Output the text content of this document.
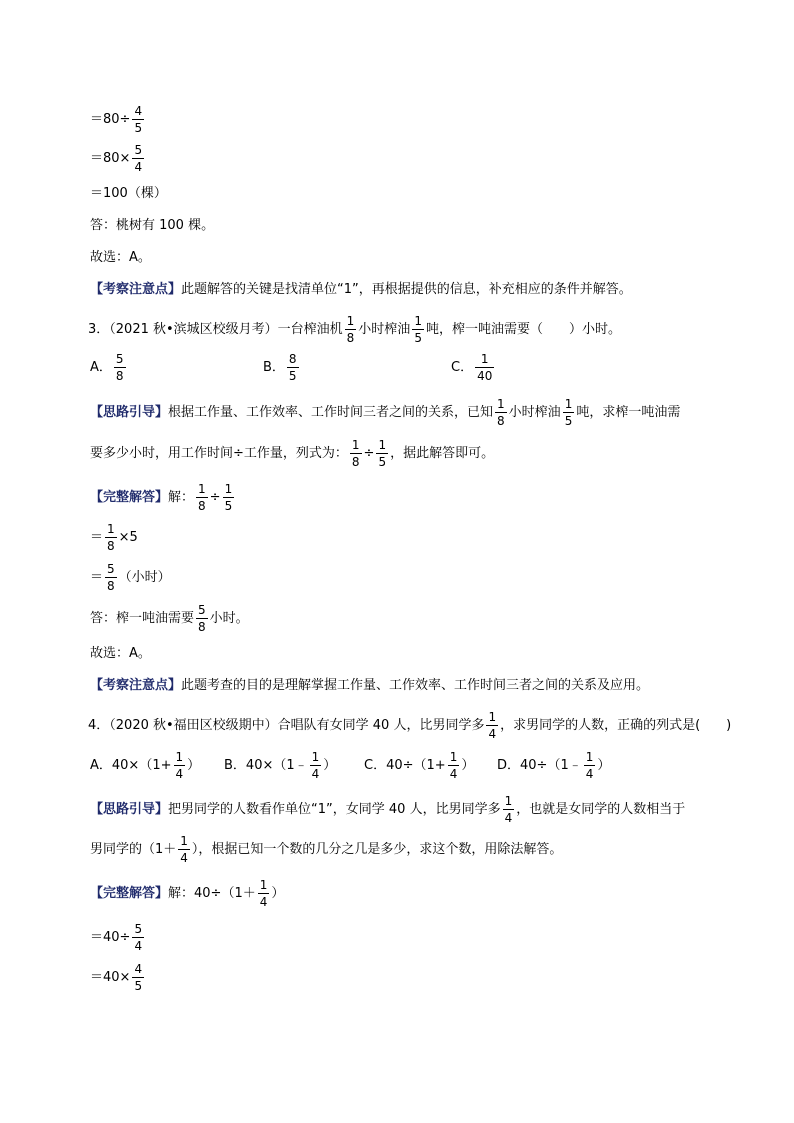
$=80\div \frac{4}{5}$
$=80\times \frac{5}{4}$
＝100（棵）
答：桃树有 100 棵。
故选：A。
【考察注意点】 此题解答的关键是找清单位“1”，再根据提供的信息，补充相应的条件并解答。
3．（2021 秋•滨城区校级月考）一台榨油机 $\frac{1}{8}$ 小时榨油 $\frac{1}{5}$ 吨，榨一吨油需要（　　）小时。
A． $\frac{5}{8}$	B． $\frac{8}{5}$	C． $\frac{1}{40}$
【思路引导】 根据工作量、工作效率、工作时间三者之间的关系，已知 $\frac{1}{8}$ 小时榨油 $\frac{1}{5}$ 吨，求榨一吨油需
要多少小时，用工作时间÷工作量，列式为： $\frac{1}{8} \div \frac{1}{5}$ ，据此解答即可。
【完整解答】 解： $\frac{1}{8} \div \frac{1}{5}$
＝ $\frac{1}{8} \times 5$
＝ $\frac{5}{8}$ （小时）
答：榨一吨油需要 $\frac{5}{8}$ 小时。
故选：A。
【考察注意点】 此题考查的目的是理解掌握工作量、工作效率、工作时间三者之间的关系及应用。
4．（2020 秋•福田区校级期中）合唱队有女同学 40 人，比男同学多 $\frac{1}{4}$ ，求男同学的人数，正确的列式是(　　)
A．$40\times(1+ \frac{1}{4}$ ） B．40×（1﹣ $\frac{1}{4}$ ） C．$40\div(1+ \frac{1}{4}$ ） D．40÷（1﹣ $\frac{1}{4}$ ）
【思路引导】 把男同学的人数看作单位“1”，女同学 40 人，比男同学多 $\frac{1}{4}$ ，也就是女同学的人数相当于
男同学的（$1+ \frac{1}{4}$ ），根据已知一个数的几分之几是多少，求这个数，用除法解答。
【完整解答】 解：$40\div(1+ \frac{1}{4}$ ）
$=40\div \frac{5}{4}$
$=40\times \frac{4}{5}$
